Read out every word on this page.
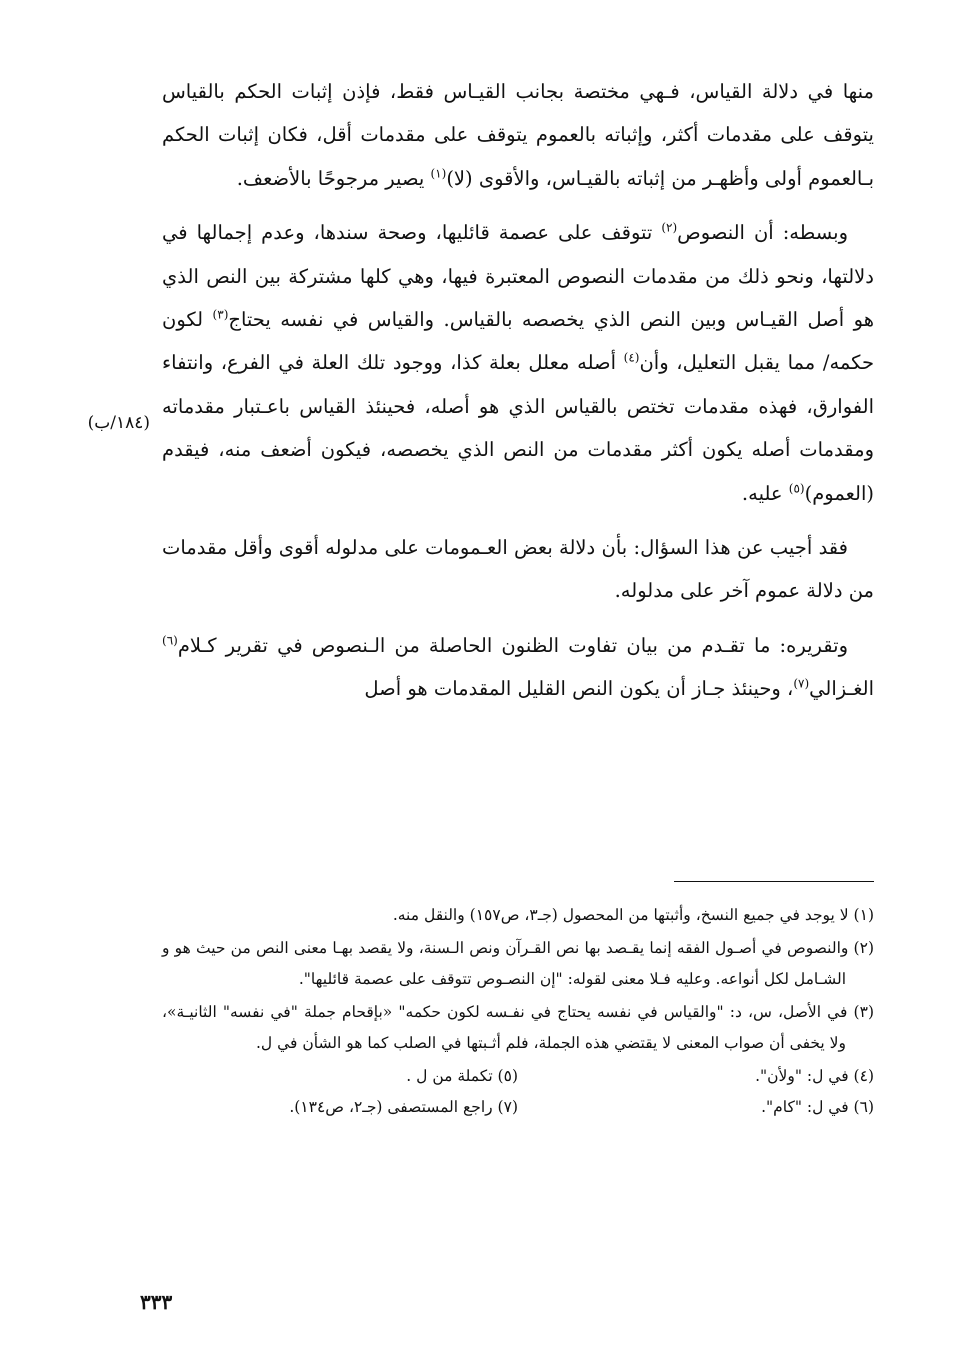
منها في دلالة القياس، فـهي مختصة بجانب القيـاس فقط، فإذن إثبات الحكم بالقياس يتوقف على مقدمات أكثر، وإثباته بالعموم يتوقف على مقدمات أقل، فكان إثبات الحكم بـالعموم أولى وأظهـر من إثباته بالقيـاس، والأقوى (لا)$^{(١)}$ يصير مرجوحًا بالأضعف.

وبسطه: أن النصوص$^{(٢)}$ تتوقف على عصمة قائليها، وصحة سندها، وعدم إجمالها في دلالتها، ونحو ذلك من مقدمات النصوص المعتبرة فيها، وهي كلها مشتركة بين النص الذي هو أصل القيـاس وبين النص الذي يخصصه بالقياس. والقياس في نفسه يحتاج$^{(٣)}$ لكون حكمه/ مما يقبل التعليل، وأن$^{(٤)}$ أصله معلل بعلة كذا، ووجود تلك العلة في الفرع، وانتفاء الفوارق، فهذه مقدمات تختص بالقياس الذي هو أصله، فحينئذ القياس باعـتبار مقدماته ومقدمات أصله يكون أكثر مقدمات من النص الذي يخصصه، فيكون أضعف منه، فيقدم (العموم)$^{(٥)}$ عليه.

فقد أجيب عن هذا السؤال: بأن دلالة بعض العـمومات على مدلوله أقوى وأقل مقدمات من دلالة عموم آخر على مدلوله.

وتقريره: ما تقـدم من بيان تفاوت الظنون الحاصلة من الـنصوص في تقرير كـلام$^{(٦)}$ الغـزالي$^{(٧)}$، وحينئذ جـاز أن يكون النص القليل المقدمات هو أصل

(١٨٤/ب)

(١) لا يوجد في جميع النسخ، وأثبتها من المحصول (جـ٣، ص١٥٧) والنقل منه.

(٢) والنصوص في أصـول الفقه إنما يقـصد بها نص القـرآن ونص الـسنة، ولا يقصد بهـا معنى النص من حيث هو و الشـامل لكل أنواعه. وعليه فـلا معنى لقوله: "إن النصـوص تتوقف على عصمة قائليها".

(٣) في الأصل، س، د: "والقياس في نفسه يحتاج في نفـسه لكون حكمه" «بإقحام جملة "في نفسه" الثانيـة»، ولا يخفى أن صواب المعنى لا يقتضي هذه الجملة، فلم أثـبتها في الصلب كما هو الشأن في ل.

(٤) في ل: "ولأن".
(٥) تكملة من ل .
(٦) في ل: "كام".
(٧) راجع المستصفى (جـ٢، ص١٣٤).
٣٣٣
